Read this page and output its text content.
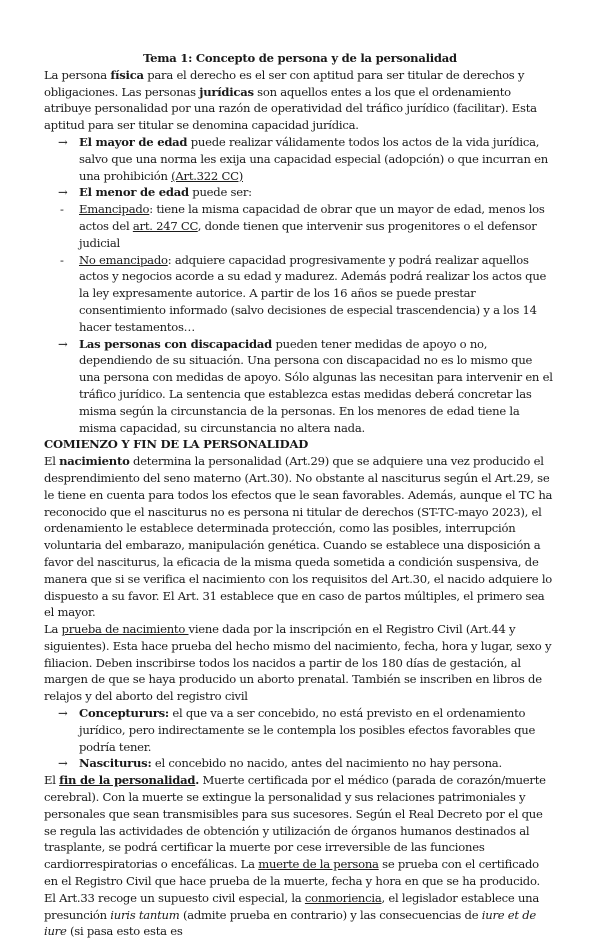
Tema 1: Concepto de persona y de la personalidad

La persona física para el derecho es el ser con aptitud para ser titular de derechos y obligaciones. Las personas jurídicas son aquellos entes a los que el ordenamiento atribuye personalidad por una razón de operatividad del tráfico jurídico (facilitar). Esta aptitud para ser titular se denomina capacidad jurídica.

→ El mayor de edad puede realizar válidamente todos los actos de la vida jurídica, salvo que una norma les exija una capacidad especial (adopción) o que incurran en una prohibición (Art.322 CC)

→ El menor de edad puede ser:

- Emancipado: tiene la misma capacidad de obrar que un mayor de edad, menos los actos del art. 247 CC, donde tienen que intervenir sus progenitores o el defensor judicial

- No emancipado: adquiere capacidad progresivamente y podrá realizar aquellos actos y negocios acorde a su edad y madurez. Además podrá realizar los actos que la ley expresamente autorice. A partir de los 16 años se puede prestar consentimiento informado (salvo decisiones de especial trascendencia) y a los 14 hacer testamentos…

→ Las personas con discapacidad pueden tener medidas de apoyo o no, dependiendo de su situación. Una persona con discapacidad no es lo mismo que una persona con medidas de apoyo. Sólo algunas las necesitan para intervenir en el tráfico jurídico. La sentencia que establezca estas medidas deberá concretar las misma según la circunstancia de la personas. En los menores de edad tiene la misma capacidad, su circunstancia no altera nada.

COMIENZO Y FIN DE LA PERSONALIDAD

El nacimiento determina la personalidad (Art.29) que se adquiere una vez producido el desprendimiento del seno materno (Art.30). No obstante al nasciturus según el Art.29, se le tiene en cuenta para todos los efectos que le sean favorables. Además, aunque el TC ha reconocido que el nasciturus no es persona ni titular de derechos (ST-TC-mayo 2023), el ordenamiento le establece determinada protección, como las posibles, interrupción voluntaria del embarazo, manipulación genética. Cuando se establece una disposición a favor del nasciturus, la eficacia de la misma queda sometida a condición suspensiva, de manera que si se verifica el nacimiento con los requisitos del Art.30, el nacido adquiere lo dispuesto a su favor. El Art. 31 establece que en caso de partos múltiples, el primero sea el mayor.

La prueba de nacimiento viene dada por la inscripción en el Registro Civil (Art.44 y siguientes). Esta hace prueba del hecho mismo del nacimiento, fecha, hora y lugar, sexo y filiacion. Deben inscribirse todos los nacidos a partir de los 180 días de gestación, al margen de que se haya producido un aborto prenatal. También se inscriben en libros de relajos y del aborto del registro civil

→ Conceptururs: el que va a ser concebido, no está previsto en el ordenamiento jurídico, pero indirectamente se le contempla los posibles efectos favorables que podría tener.

→ Nasciturus: el concebido no nacido, antes del nacimiento no hay persona.

El fin de la personalidad. Muerte certificada por el médico (parada de corazón/muerte cerebral). Con la muerte se extingue la personalidad y sus relaciones patrimoniales y personales que sean transmisibles para sus sucesores. Según el Real Decreto por el que se regula las actividades de obtención y utilización de órganos humanos destinados al trasplante, se podrá certificar la muerte por cese irreversible de las funciones cardiorrespiratorias o encefálicas. La muerte de la persona se prueba con el certificado en el Registro Civil que hace prueba de la muerte, fecha y hora en que se ha producido.

El Art.33 recoge un supuesto civil especial, la conmoriencia, el legislador establece una presunción iuris tantum (admite prueba en contrario) y las consecuencias de iure et de iure (si pasa esto esta es
